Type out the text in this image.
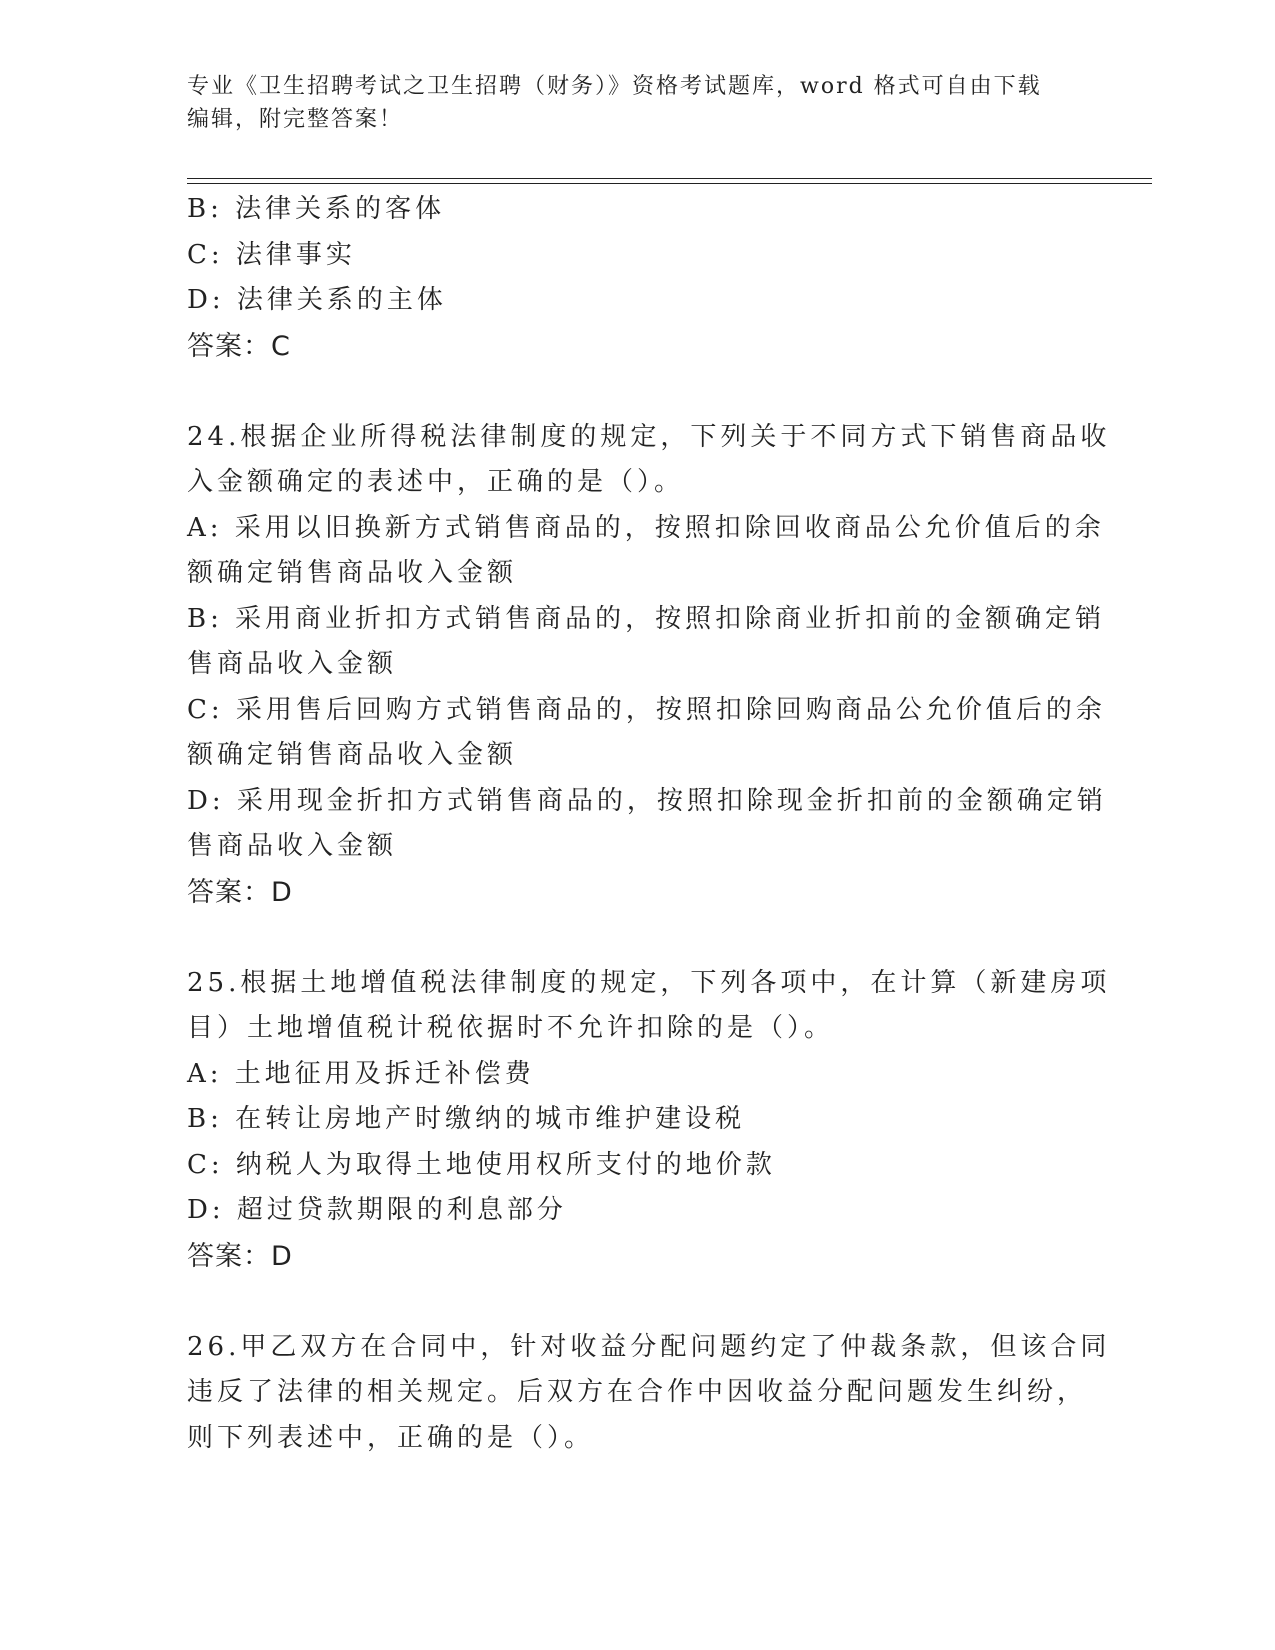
专业《卫生招聘考试之卫生招聘（财务）》资格考试题库，word 格式可自由下载
编辑，附完整答案！
B: 法律关系的客体
C: 法律事实
D: 法律关系的主体
答案：C
24.根据企业所得税法律制度的规定，下列关于不同方式下销售商品收
入金额确定的表述中，正确的是（）。
A: 采用以旧换新方式销售商品的，按照扣除回收商品公允价值后的余
额确定销售商品收入金额
B: 采用商业折扣方式销售商品的，按照扣除商业折扣前的金额确定销
售商品收入金额
C: 采用售后回购方式销售商品的，按照扣除回购商品公允价值后的余
额确定销售商品收入金额
D: 采用现金折扣方式销售商品的，按照扣除现金折扣前的金额确定销
售商品收入金额
答案：D
25.根据土地增值税法律制度的规定，下列各项中，在计算（新建房项
目）土地增值税计税依据时不允许扣除的是（）。
A: 土地征用及拆迁补偿费
B: 在转让房地产时缴纳的城市维护建设税
C: 纳税人为取得土地使用权所支付的地价款
D: 超过贷款期限的利息部分
答案：D
26.甲乙双方在合同中，针对收益分配问题约定了仲裁条款，但该合同
违反了法律的相关规定。后双方在合作中因收益分配问题发生纠纷，
则下列表述中，正确的是（）。
